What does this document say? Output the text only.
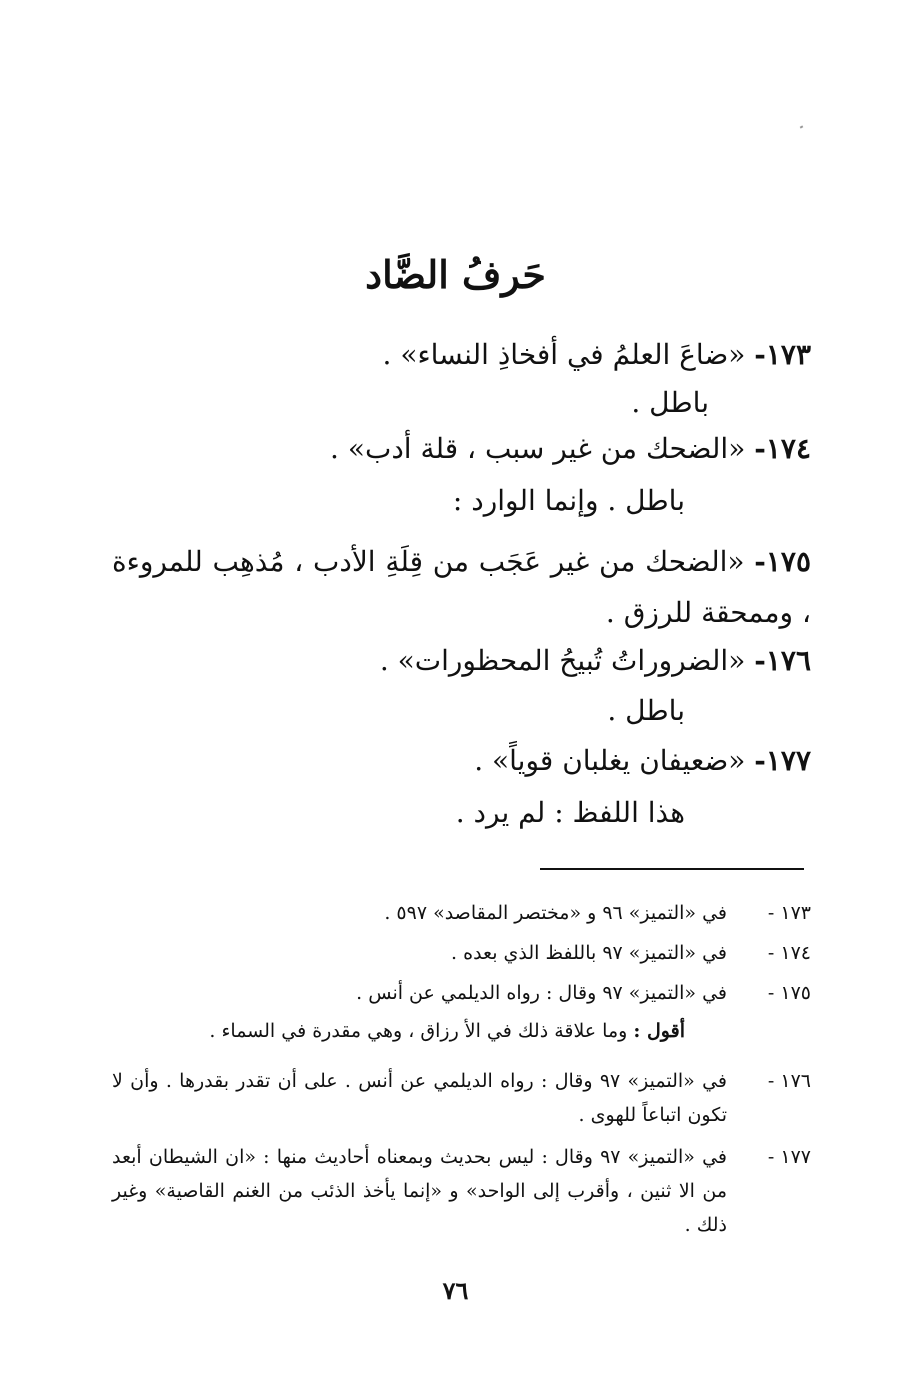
حَرفُ الضَّاد
١٧٣- «ضاعَ العلمُ في أفخاذِ النساء» .
باطل .
١٧٤- «الضحك من غير سبب ، قلة أدب» .
باطل . وإنما الوارد :
١٧٥- «الضحك من غير عَجَب من قِلَةِ الأدب ، مُذهِب للمروءة ، وممحقة للرزق .
١٧٦- «الضروراتُ تُبيحُ المحظورات» .
باطل .
١٧٧- «ضعيفان يغلبان قوياً» .
هذا اللفظ : لم يرد .
١٧٣ -
في «التميز» ٩٦ و «مختصر المقاصد» ٥٩٧ .
١٧٤ -
في «التميز» ٩٧ باللفظ الذي بعده .
١٧٥ -
في «التميز» ٩٧ وقال : رواه الديلمي عن أنس .
أقول : وما علاقة ذلك في الأ رزاق ، وهي مقدرة في السماء .
١٧٦ -
في «التميز» ٩٧ وقال : رواه الديلمي عن أنس . على أن تقدر بقدرها . وأن لا تكون اتباعاً للهوى .
١٧٧ -
في «التميز» ٩٧ وقال : ليس بحديث وبمعناه أحاديث منها : «ان الشيطان أبعد من الا ثنين ، وأقرب إلى الواحد» و «إنما يأخذ الذئب من الغنم القاصية» وغير ذلك .
٧٦
